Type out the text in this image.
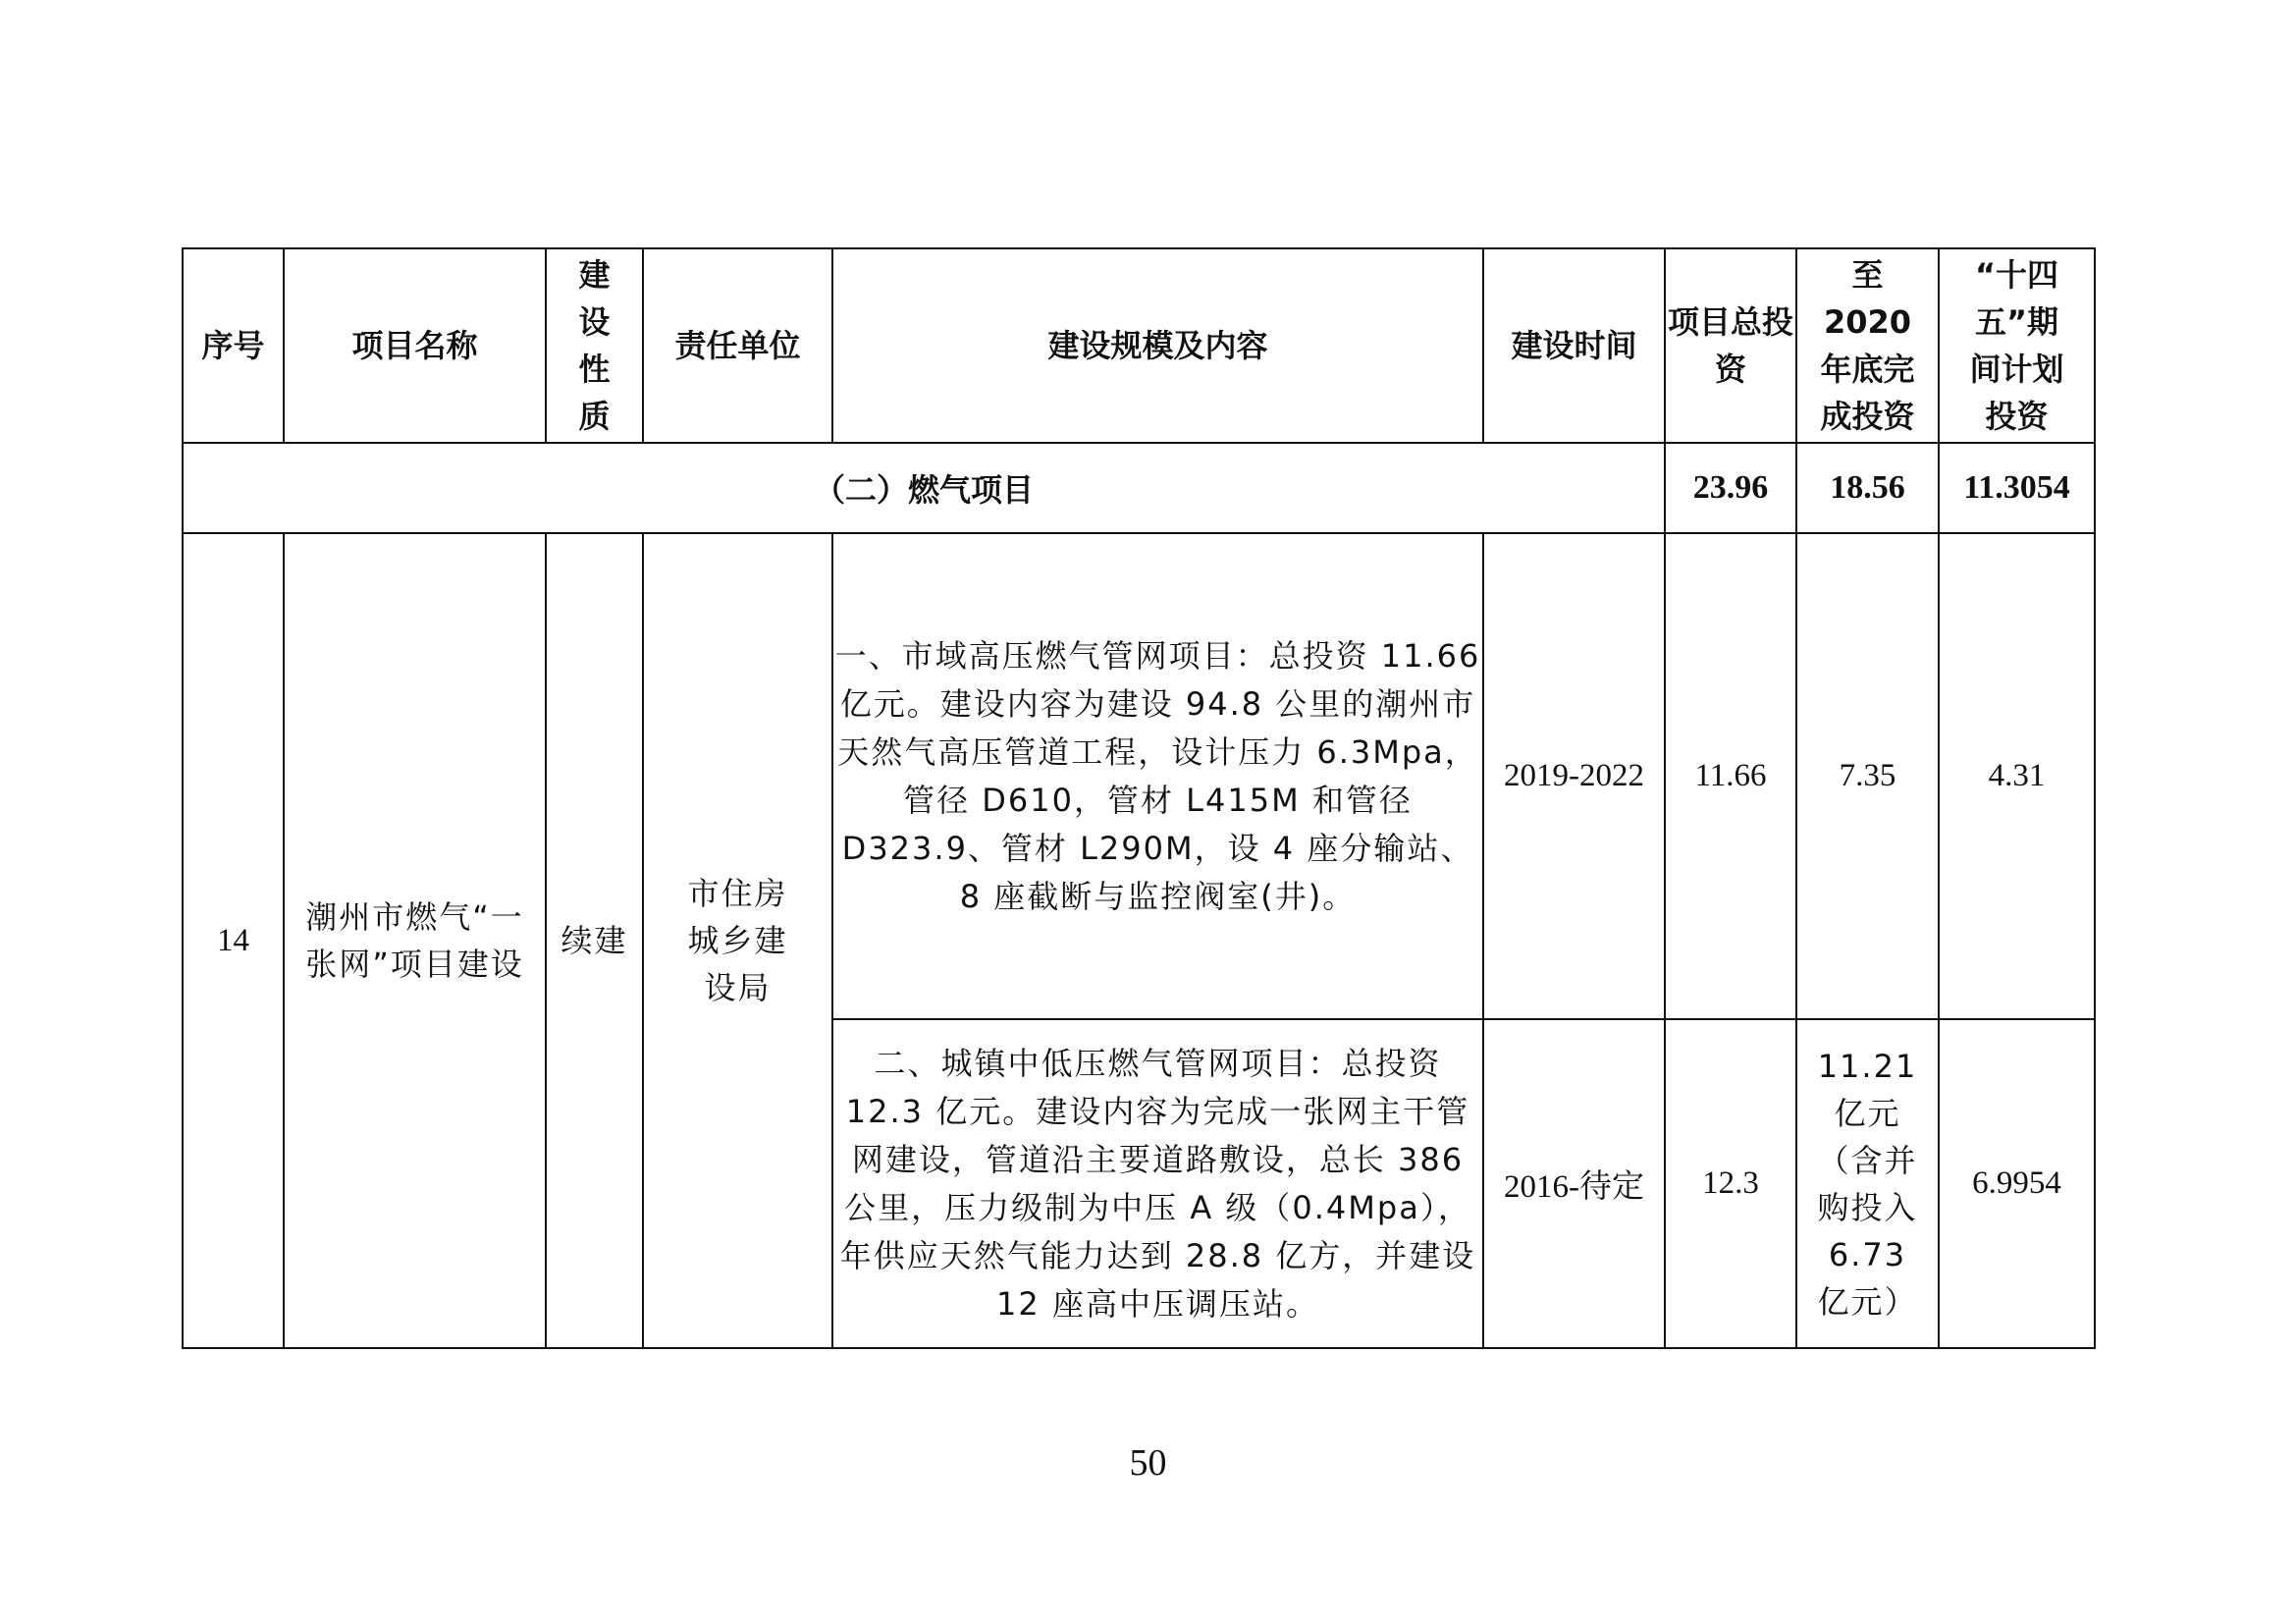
序号	项目名称	建设性质	责任单位	建设规模及内容	建设时间	项目总投资	至 2020 年底完成投资	“十四五”期间计划投资

（二）燃气项目						23.96	18.56	11.3054
14	潮州市燃气“一张网”项目建设	续建	市住房城乡建设局	一、市域高压燃气管网项目：总投资 11.66 亿元。建设内容为建设 94.8 公里的潮州市天然气高压管道工程，设计压力 6.3Mpa，管径 D610，管材 L415M 和管径 D323.9、管材 L290M，设 4 座分输站、8 座截断与监控阀室(井)。	2019-2022	11.66	7.35	4.31
				二、城镇中低压燃气管网项目：总投资 12.3 亿元。建设内容为完成一张网主干管网建设，管道沿主要道路敷设，总长 386 公里，压力级制为中压 A 级（0.4Mpa），年供应天然气能力达到 28.8 亿方，并建设 12 座高中压调压站。	2016-待定	12.3	11.21 亿元（含并购投入 6.73 亿元）	6.9954
50
